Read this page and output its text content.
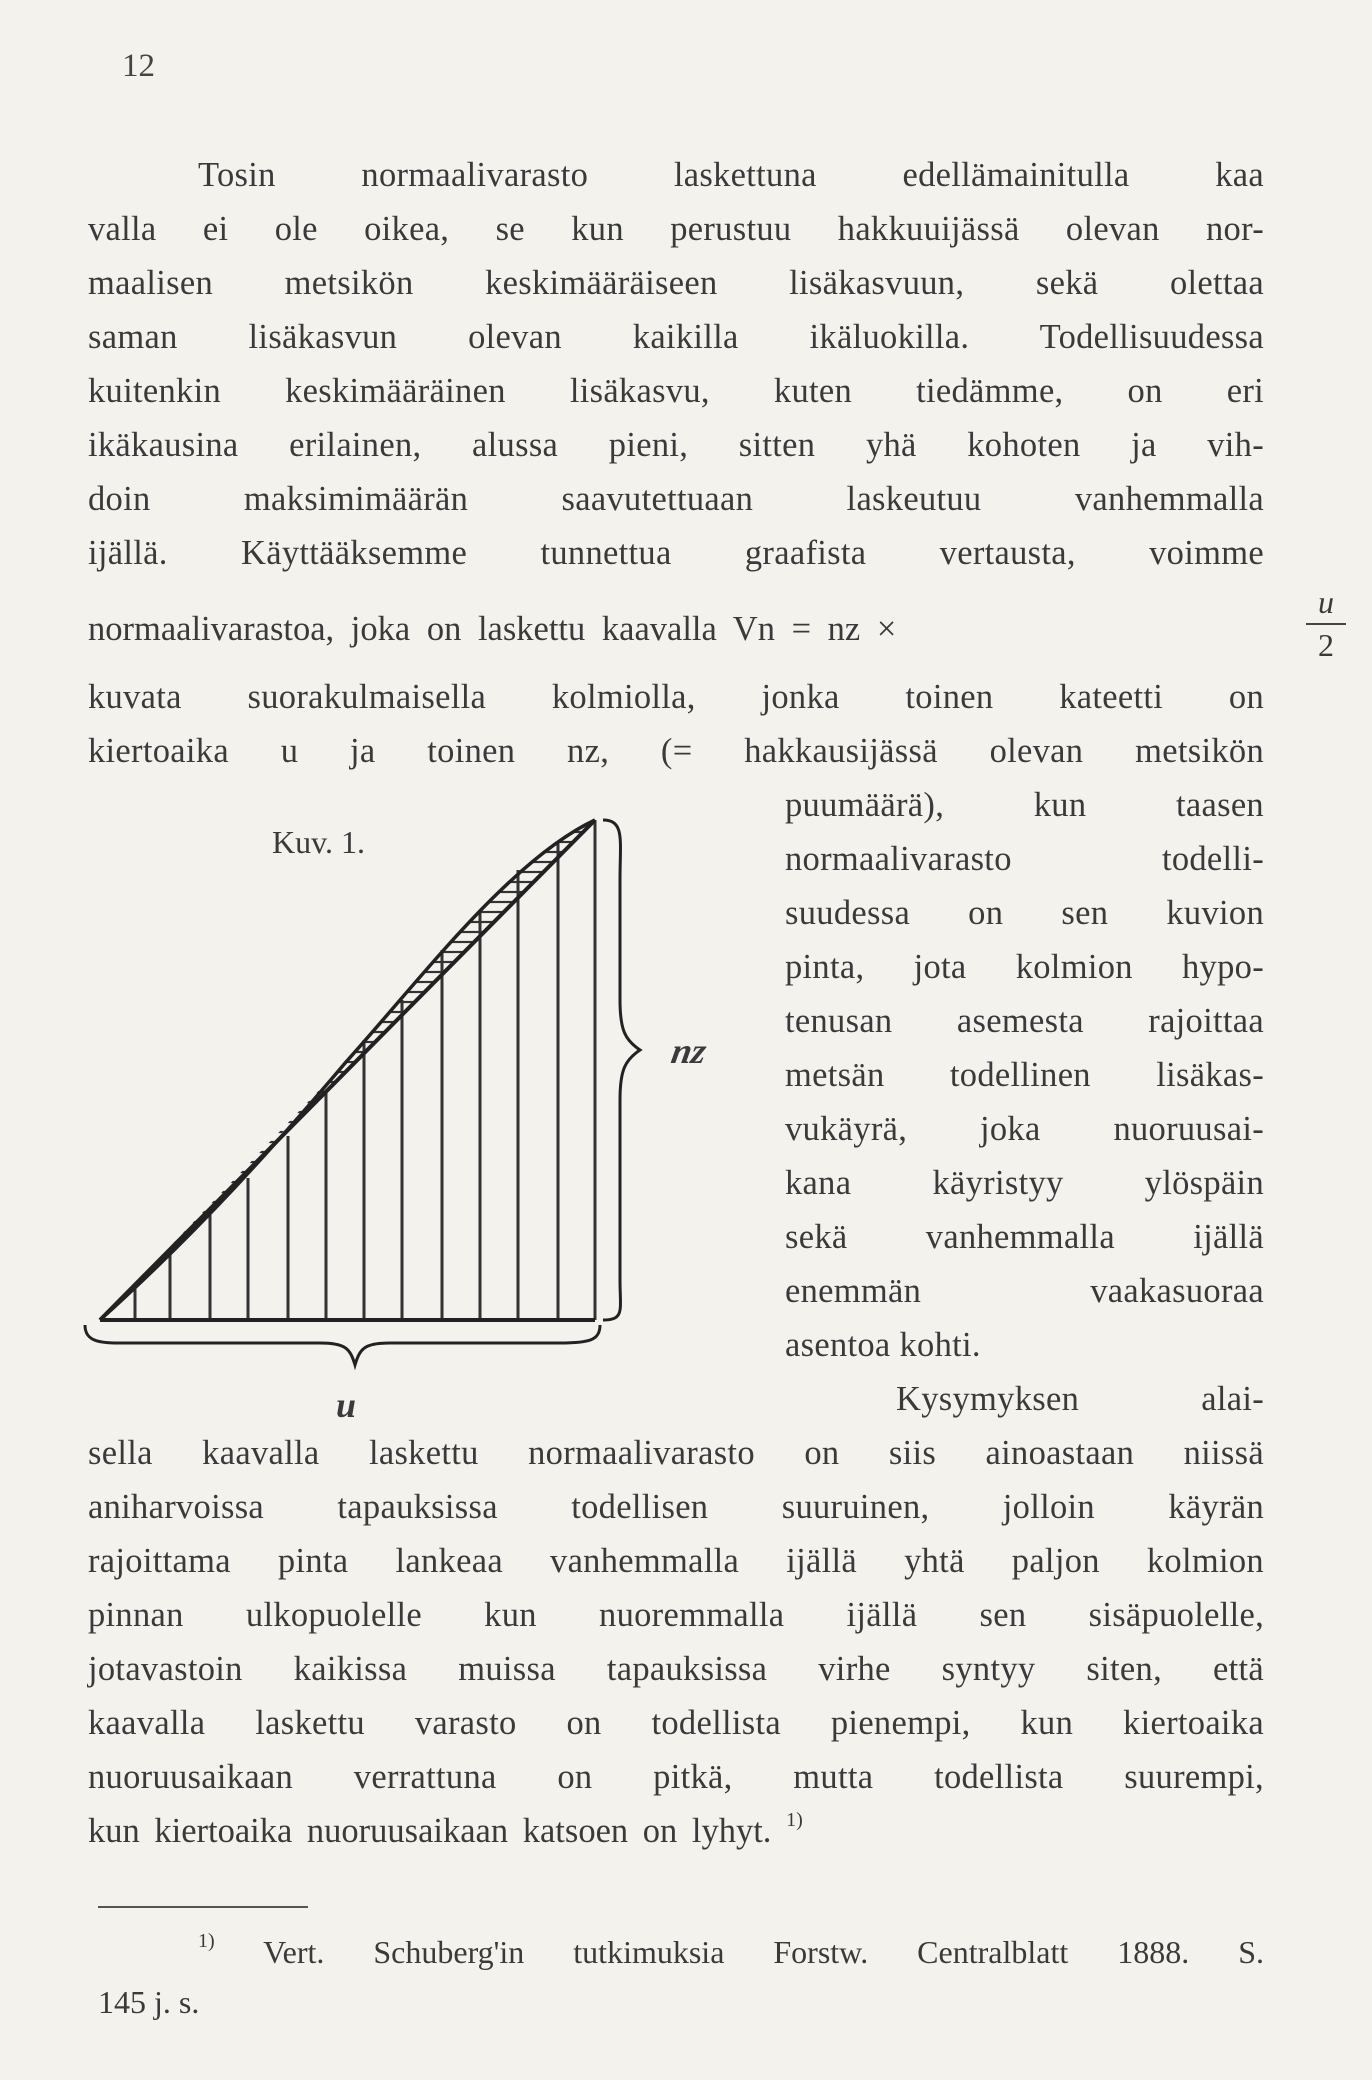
12
Tosin normaalivarasto laskettuna edellämainitulla kaa
valla ei ole oikea, se kun perustuu hakkuuijässä olevan nor-
maalisen metsikön keskimääräiseen lisäkasvuun, sekä olettaa
saman lisäkasvun olevan kaikilla ikäluokilla. Todellisuudessa
kuitenkin keskimääräinen lisäkasvu, kuten tiedämme, on eri
ikäkausina erilainen, alussa pieni, sitten yhä kohoten ja vih-
doin maksimimäärän saavutettuaan laskeutuu vanhemmalla
ijällä. Käyttääksemme tunnettua graafista vertausta, voimme
normaalivarastoa, joka on laskettu kaavalla Vn = nz ×
u
2
kuvata suorakulmaisella kolmiolla, jonka toinen kateetti on
kiertoaika u ja toinen nz, (= hakkausijässä olevan metsikön
Kuv. 1.
nz
u
puumäärä), kun taasen
normaalivarasto todelli-
suudessa on sen kuvion
pinta, jota kolmion hypo-
tenusan asemesta rajoittaa
metsän todellinen lisäkas-
vukäyrä, joka nuoruusai-
kana käyristyy ylöspäin
sekä vanhemmalla ijällä
enemmän vaakasuoraa
asentoa kohti.
Kysymyksen alai-
sella kaavalla laskettu normaalivarasto on siis ainoastaan niissä
aniharvoissa tapauksissa todellisen suuruinen, jolloin käyrän
rajoittama pinta lankeaa vanhemmalla ijällä yhtä paljon kolmion
pinnan ulkopuolelle kun nuoremmalla ijällä sen sisäpuolelle,
jotavastoin kaikissa muissa tapauksissa virhe syntyy siten, että
kaavalla laskettu varasto on todellista pienempi, kun kiertoaika
nuoruusaikaan verrattuna on pitkä, mutta todellista suurempi,
kun kiertoaika nuoruusaikaan katsoen on lyhyt. $^{1)}$
$^{1)}$ Vert. Schuberg'in tutkimuksia Forstw. Centralblatt 1888. S.
145 j. s.
